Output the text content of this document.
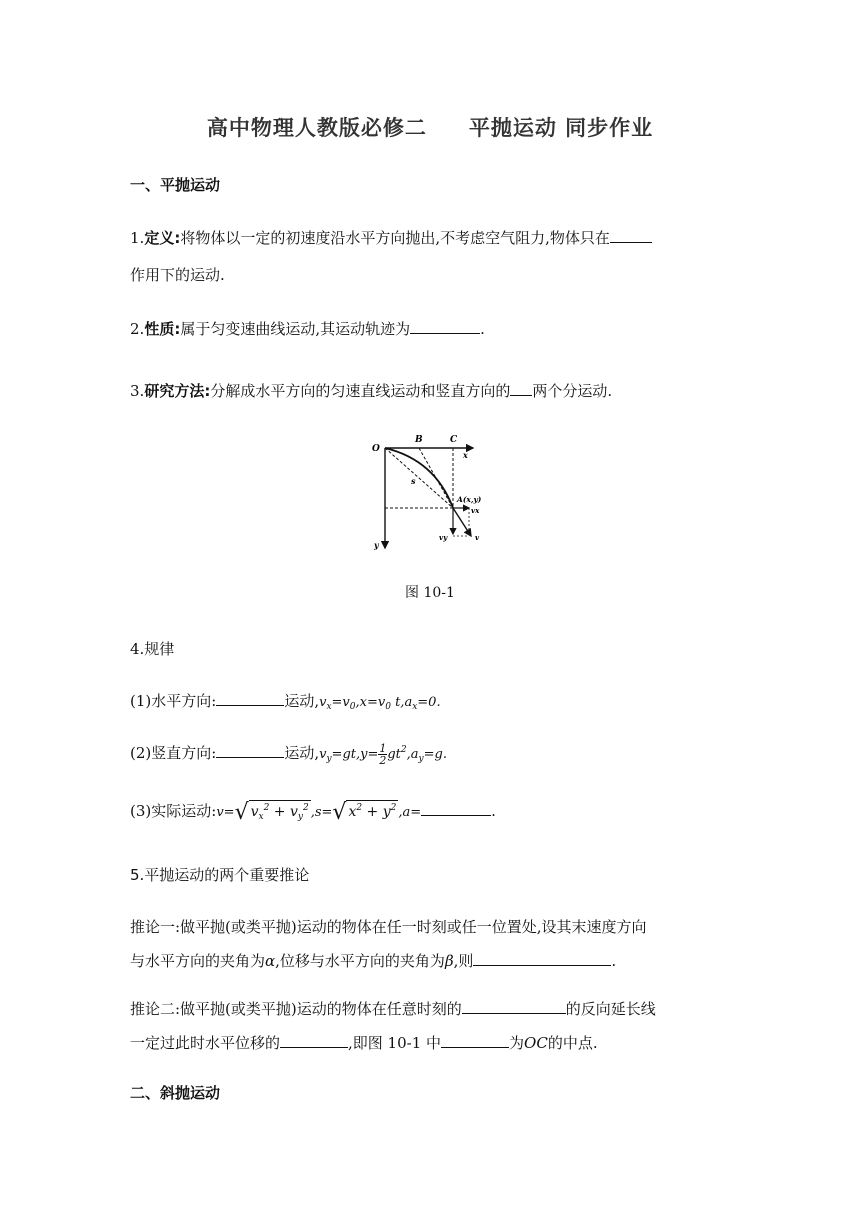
高中物理人教版必修二 平抛运动 同步作业
一、平抛运动
1.定义:将物体以一定的初速度沿水平方向抛出,不考虑空气阻力,物体只在
作用下的运动.
2.性质:属于匀变速曲线运动,其运动轨迹为	.
3.研究方法:分解成水平方向的匀速直线运动和竖直方向的 两个分运动.
O
B	C
x
y
s
A(x,y)
vx
vy	v
图 10-1
4.规律
(1)水平方向:	运动$,v_x=v_0,x=v_0$ $t,a_x=0$.
(2)竖直方向:	运动$,v_y=gt,y= \frac{1}{2} gt^2,a_y=g$.
(3)实际运动:v=√ $v_x^2 + v_y^2$ ,s=√ $x^2 + y^2$ ,a=	.
5.平抛运动的两个重要推论
推论一:做平抛(或类平抛)运动的物体在任一时刻或任一位置处,设其末速度方向
与水平方向的夹角为α,位移与水平方向的夹角为β,则	.
推论二:做平抛(或类平抛)运动的物体在任意时刻的	的反向延长线
一定过此时水平位移的	,即图 10-1 中	为OC的中点.
二、斜抛运动
